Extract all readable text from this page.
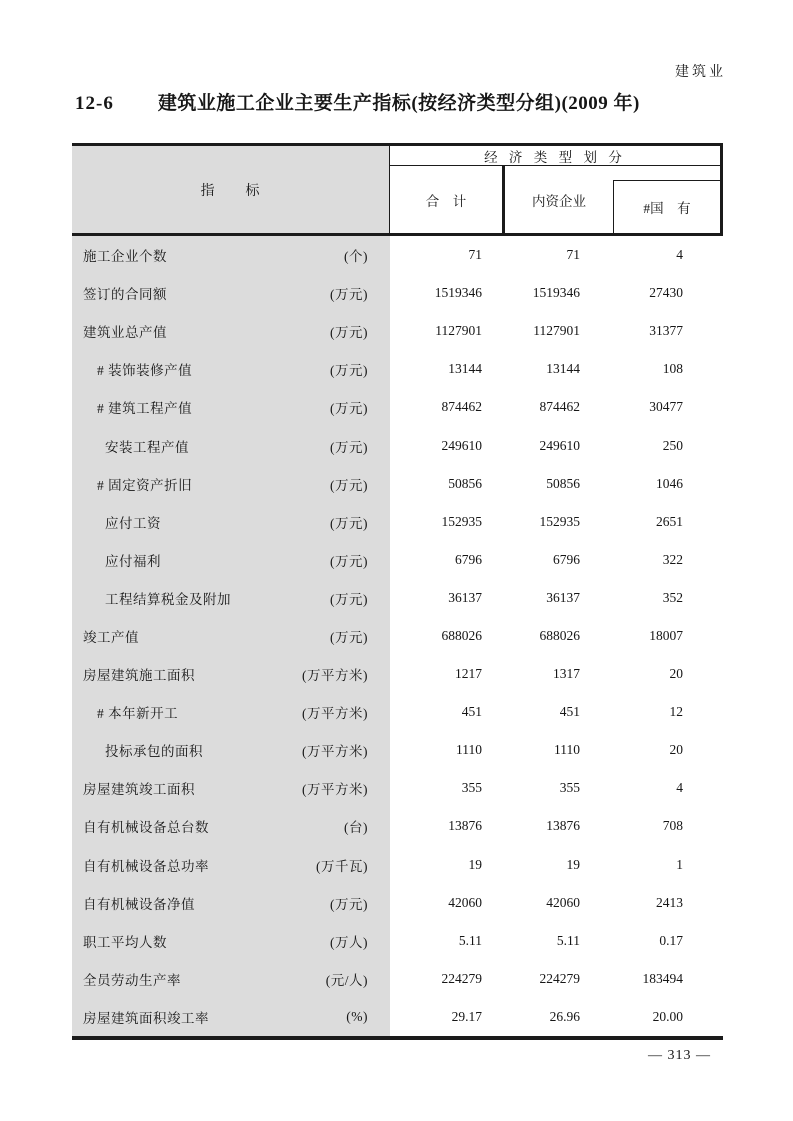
建筑业
12-6 建筑业施工企业主要生产指标(按经济类型分组)(2009 年)
指　　标
经 济 类 型 划 分
合　计	内资企业	#国　有
施工企业个数	(个)	71	71	4
签订的合同额	(万元)	1519346	1519346	27430
建筑业总产值	(万元)	1127901	1127901	31377
# 装饰装修产值	(万元)	13144	13144	108
# 建筑工程产值	(万元)	874462	874462	30477
安装工程产值	(万元)	249610	249610	250
# 固定资产折旧	(万元)	50856	50856	1046
应付工资	(万元)	152935	152935	2651
应付福利	(万元)	6796	6796	322
工程结算税金及附加	(万元)	36137	36137	352
竣工产值	(万元)	688026	688026	18007
房屋建筑施工面积	(万平方米)	1217	1317	20
# 本年新开工	(万平方米)	451	451	12
投标承包的面积	(万平方米)	1110	1110	20
房屋建筑竣工面积	(万平方米)	355	355	4
自有机械设备总台数	(台)	13876	13876	708
自有机械设备总功率	(万千瓦)	19	19	1
自有机械设备净值	(万元)	42060	42060	2413
职工平均人数	(万人)	5.11	5.11	0.17
全员劳动生产率	(元/人)	224279	224279	183494
房屋建筑面积竣工率	(%)	29.17	26.96	20.00
— 313 —
